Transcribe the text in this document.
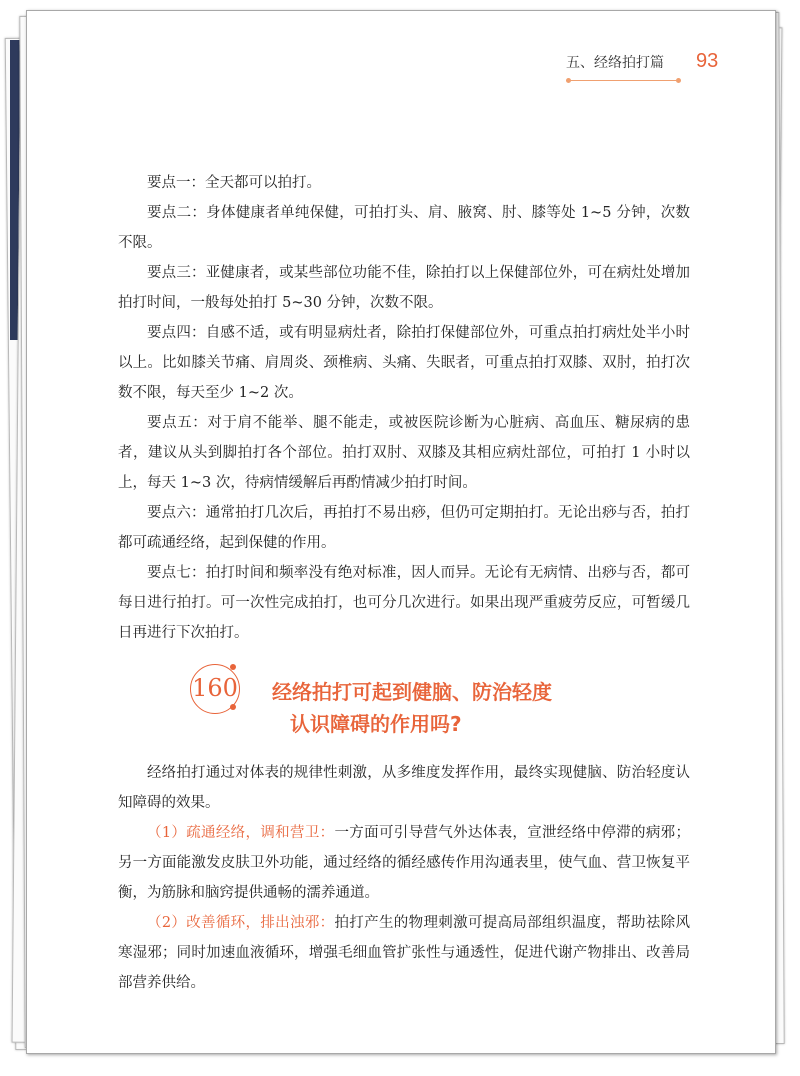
五、经络拍打篇 93

要点一：全天都可以拍打。

要点二：身体健康者单纯保健，可拍打头、肩、腋窝、肘、膝等处 1~5 分钟，次数不限。

要点三：亚健康者，或某些部位功能不佳，除拍打以上保健部位外，可在病灶处增加拍打时间，一般每处拍打 5~30 分钟，次数不限。

要点四：自感不适，或有明显病灶者，除拍打保健部位外，可重点拍打病灶处半小时以上。比如膝关节痛、肩周炎、颈椎病、头痛、失眠者，可重点拍打双膝、双肘，拍打次数不限，每天至少 1~2 次。

要点五：对于肩不能举、腿不能走，或被医院诊断为心脏病、高血压、糖尿病的患者，建议从头到脚拍打各个部位。拍打双肘、双膝及其相应病灶部位，可拍打 1 小时以上，每天 1~3 次，待病情缓解后再酌情减少拍打时间。

要点六：通常拍打几次后，再拍打不易出痧，但仍可定期拍打。无论出痧与否，拍打都可疏通经络，起到保健的作用。

要点七：拍打时间和频率没有绝对标准，因人而异。无论有无病情、出痧与否，都可每日进行拍打。可一次性完成拍打，也可分几次进行。如果出现严重疲劳反应，可暂缓几日再进行下次拍打。

160	经络拍打可起到健脑、防治轻度
认识障碍的作用吗?

经络拍打通过对体表的规律性刺激，从多维度发挥作用，最终实现健脑、防治轻度认知障碍的效果。

（1）疏通经络，调和营卫：一方面可引导营气外达体表，宣泄经络中停滞的病邪；另一方面能激发皮肤卫外功能，通过经络的循经感传作用沟通表里，使气血、营卫恢复平衡，为筋脉和脑窍提供通畅的濡养通道。

（2）改善循环，排出浊邪：拍打产生的物理刺激可提高局部组织温度，帮助祛除风寒湿邪；同时加速血液循环，增强毛细血管扩张性与通透性，促进代谢产物排出、改善局部营养供给。
